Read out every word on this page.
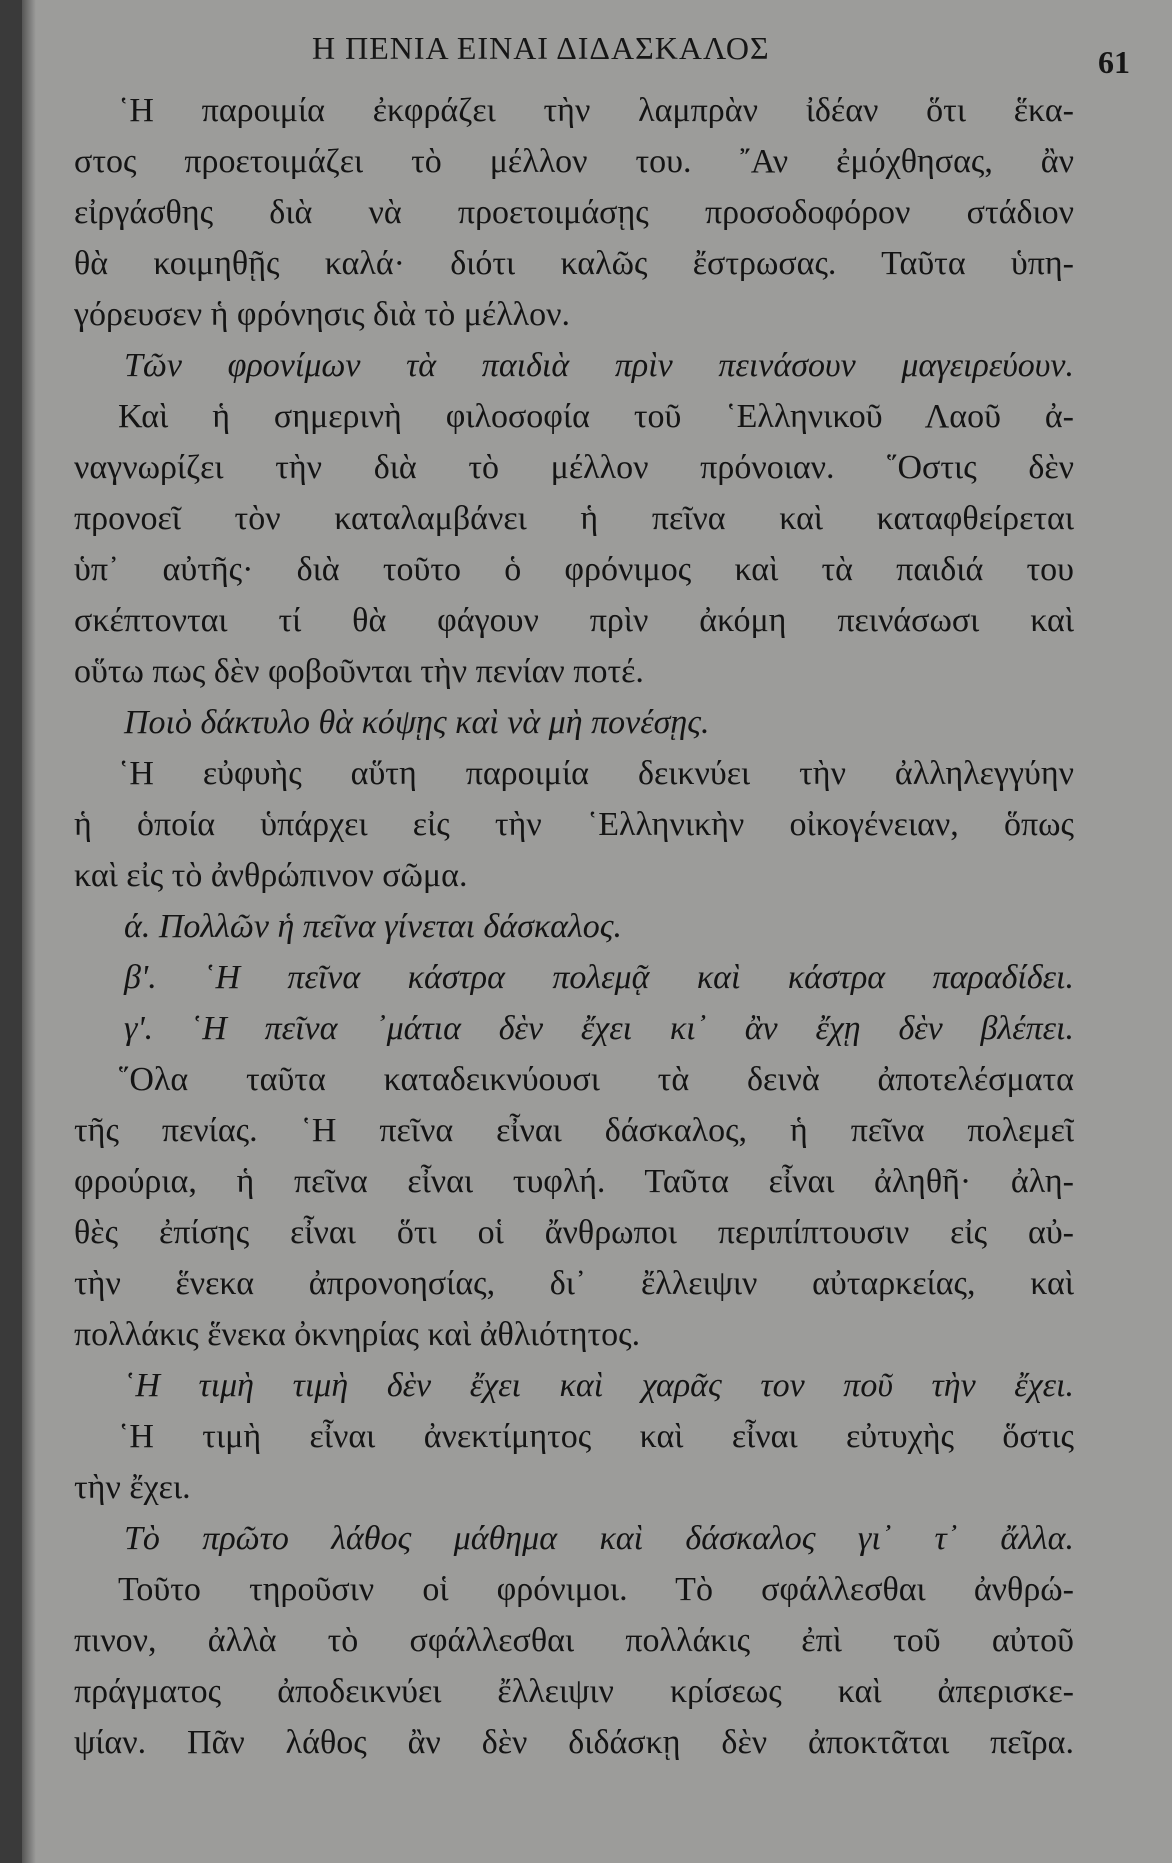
Η ΠΕΝΙΑ ΕΙΝΑΙ ΔΙΔΑΣΚΑΛΟΣ	61
῾Η παροιμία ἐκφράζει τὴν λαμπρὰν ἰδέαν ὅτι ἕκα-
στος προετοιμάζει τὸ μέλλον του. ῎Αν ἐμόχθησας, ἂν
εἰργάσθης διὰ νὰ προετοιμάσῃς προσοδοφόρον στάδιον
θὰ κοιμηθῇς καλά· διότι καλῶς ἔστρωσας. Ταῦτα ὑπη-
γόρευσεν ἡ φρόνησις διὰ τὸ μέλλον.
Τῶν φρονίμων τὰ παιδιὰ πρὶν πεινάσουν μαγειρεύουν.
Καὶ ἡ σημερινὴ φιλοσοφία τοῦ ῾Ελληνικοῦ Λαοῦ ἀ-
ναγνωρίζει τὴν διὰ τὸ μέλλον πρόνοιαν. ῞Οστις δὲν
προνοεῖ τὸν καταλαμβάνει ἡ πεῖνα καὶ καταφθείρεται
ὑπ᾿ αὐτῆς· διὰ τοῦτο ὁ φρόνιμος καὶ τὰ παιδιά του
σκέπτονται τί θὰ φάγουν πρὶν ἀκόμη πεινάσωσι καὶ
οὕτω πως δὲν φοβοῦνται τὴν πενίαν ποτέ.
Ποιὸ δάκτυλο θὰ κόψῃς καὶ νὰ μὴ πονέσῃς.
῾Η εὐφυὴς αὕτη παροιμία δεικνύει τὴν ἀλληλεγγύην
ἡ ὁποία ὑπάρχει εἰς τὴν ῾Ελληνικὴν οἰκογένειαν, ὅπως
καὶ εἰς τὸ ἀνθρώπινον σῶμα.
ά. Πολλῶν ἡ πεῖνα γίνεται δάσκαλος.
β'. ῾Η πεῖνα κάστρα πολεμᾷ καὶ κάστρα παραδίδει.
γ'. ῾Η πεῖνα ᾿μάτια δὲν ἔχει κι᾿ ἂν ἔχῃ δὲν βλέπει.
῞Ολα ταῦτα καταδεικνύουσι τὰ δεινὰ ἀποτελέσματα
τῆς πενίας. ῾Η πεῖνα εἶναι δάσκαλος, ἡ πεῖνα πολεμεῖ
φρούρια, ἡ πεῖνα εἶναι τυφλή. Ταῦτα εἶναι ἀληθῆ· ἀλη-
θὲς ἐπίσης εἶναι ὅτι οἱ ἄνθρωποι περιπίπτουσιν εἰς αὐ-
τὴν ἕνεκα ἀπρονοησίας, δι᾿ ἔλλειψιν αὐταρκείας, καὶ
πολλάκις ἕνεκα ὀκνηρίας καὶ ἀθλιότητος.
῾Η τιμὴ τιμὴ δὲν ἔχει καὶ χαρᾶς τον ποῦ τὴν ἔχει.
῾Η τιμὴ εἶναι ἀνεκτίμητος καὶ εἶναι εὐτυχὴς ὅστις
τὴν ἔχει.
Τὸ πρῶτο λάθος μάθημα καὶ δάσκαλος γι᾿ τ᾿ ἄλλα.
Τοῦτο τηροῦσιν οἱ φρόνιμοι. Τὸ σφάλλεσθαι ἀνθρώ-
πινον, ἀλλὰ τὸ σφάλλεσθαι πολλάκις ἐπὶ τοῦ αὐτοῦ
πράγματος ἀποδεικνύει ἔλλειψιν κρίσεως καὶ ἀπερισκε-
ψίαν. Πᾶν λάθος ἂν δὲν διδάσκῃ δὲν ἀποκτᾶται πεῖρα.
